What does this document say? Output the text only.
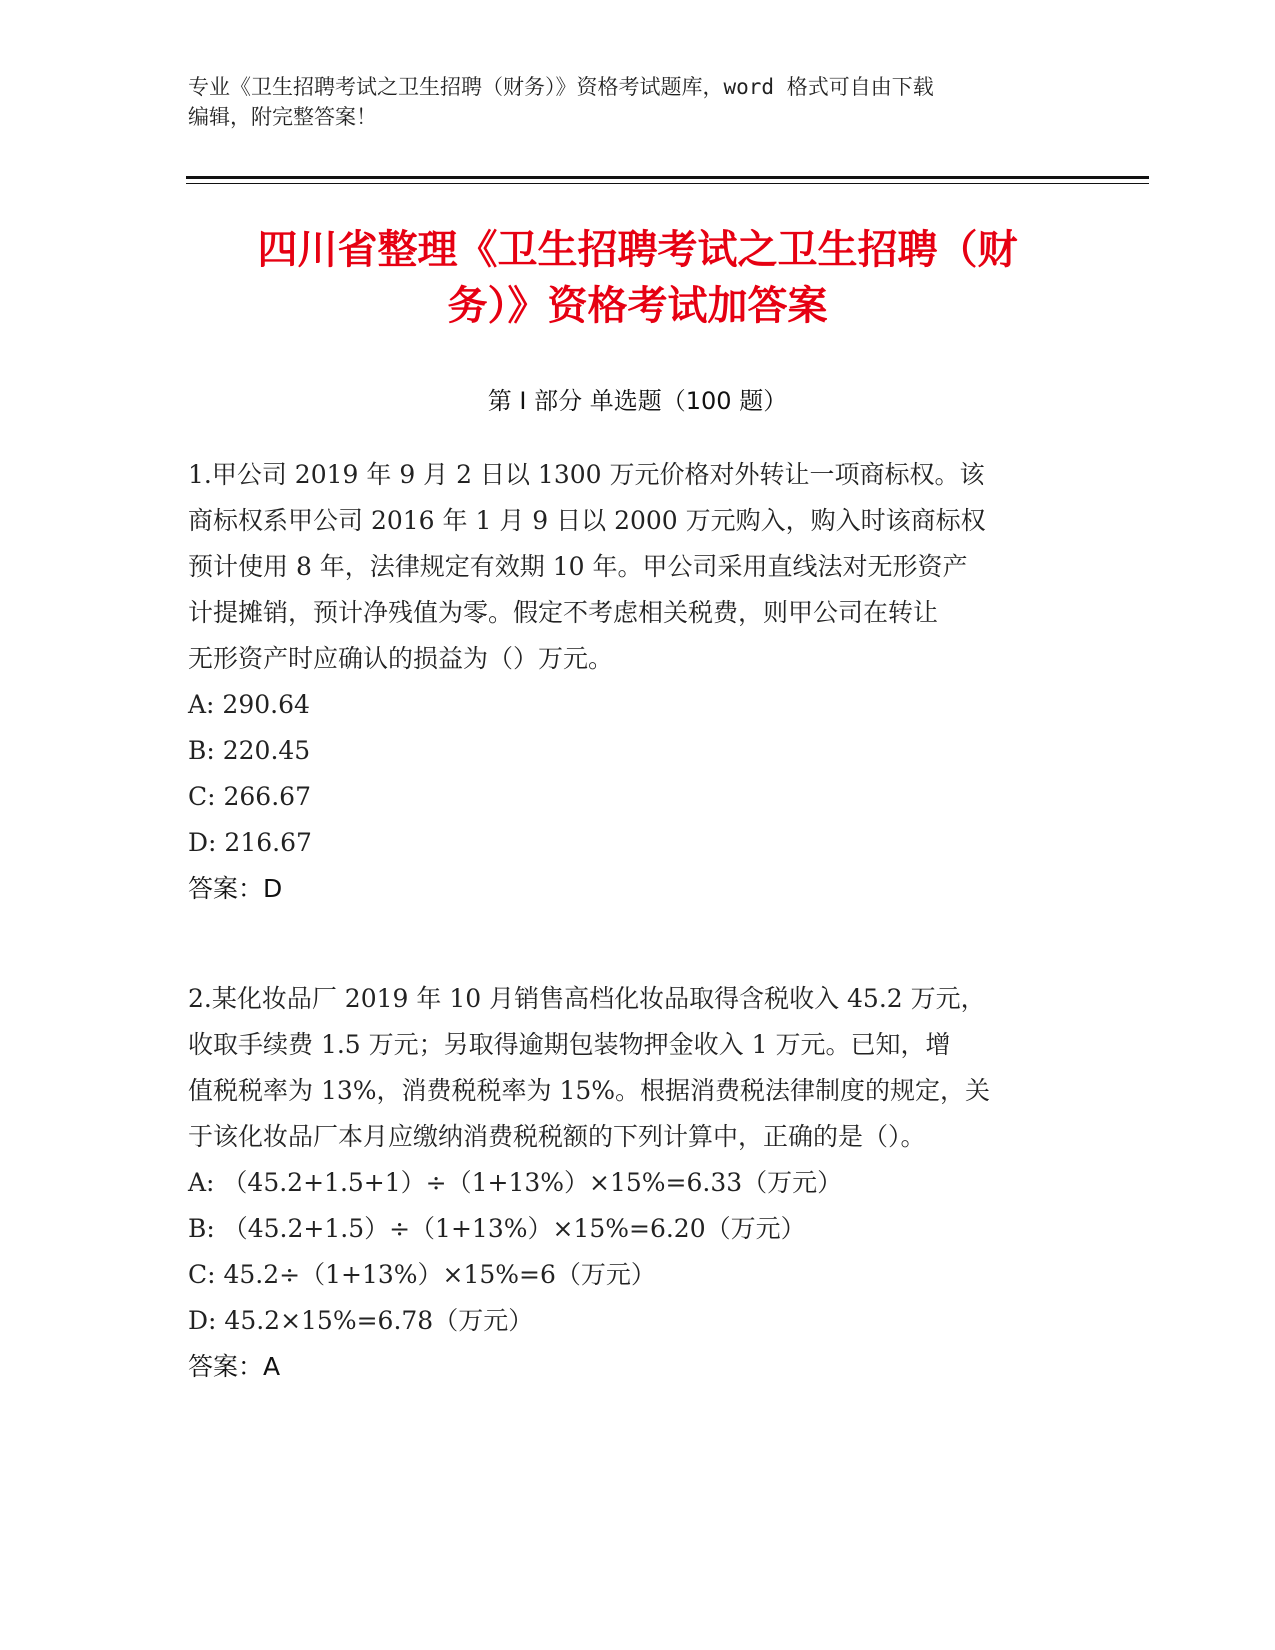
专业《卫生招聘考试之卫生招聘（财务）》资格考试题库，word 格式可自由下载
编辑，附完整答案！
四川省整理《卫生招聘考试之卫生招聘（财
务）》资格考试加答案
第 I 部分 单选题（100 题）
1.甲公司 2019 年 9 月 2 日以 1300 万元价格对外转让一项商标权。该
商标权系甲公司 2016 年 1 月 9 日以 2000 万元购入，购入时该商标权
预计使用 8 年，法律规定有效期 10 年。甲公司采用直线法对无形资产
计提摊销，预计净残值为零。假定不考虑相关税费，则甲公司在转让
无形资产时应确认的损益为（）万元。
A: 290.64
B: 220.45
C: 266.67
D: 216.67
答案：D
2.某化妆品厂 2019 年 10 月销售高档化妆品取得含税收入 45.2 万元，
收取手续费 1.5 万元；另取得逾期包装物押金收入 1 万元。已知，增
值税税率为 13%，消费税税率为 15%。根据消费税法律制度的规定，关
于该化妆品厂本月应缴纳消费税税额的下列计算中，正确的是（）。
A: （45.2+1.5+1）÷（1+13%）×15%=6.33（万元）
B: （45.2+1.5）÷（1+13%）×15%=6.20（万元）
C: 45.2÷（1+13%）×15%=6（万元）
D: 45.2×15%=6.78（万元）
答案：A
